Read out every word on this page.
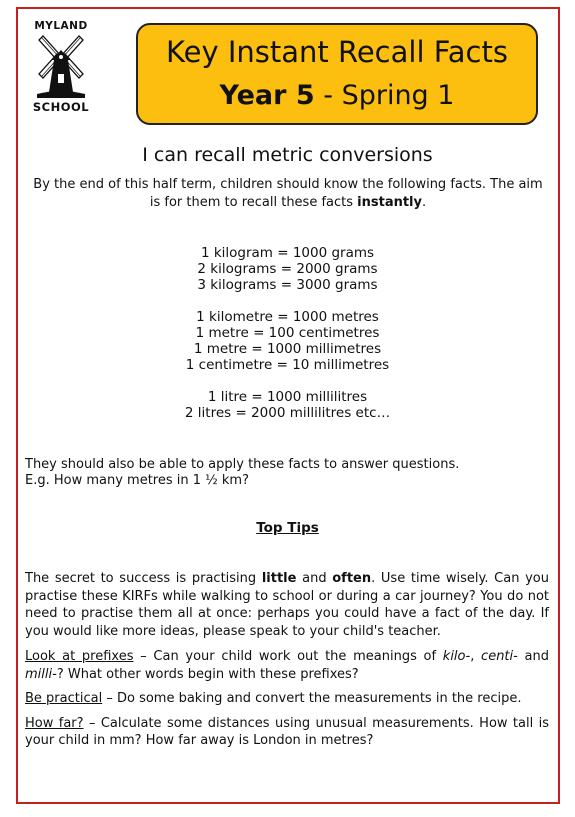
MYLAND
SCHOOL
Key Instant Recall Facts
Year 5 - Spring 1
I can recall metric conversions
By the end of this half term, children should know the following facts. The aim is for them to recall these facts instantly.
1 kilogram = 1000 grams
2 kilograms = 2000 grams
3 kilograms = 3000 grams
1 kilometre = 1000 metres
1 metre = 100 centimetres
1 metre = 1000 millimetres
1 centimetre = 10 millimetres
1 litre = 1000 millilitres
2 litres = 2000 millilitres etc…
They should also be able to apply these facts to answer questions.
E.g. How many metres in 1 ½ km?
Top Tips

The secret to success is practising little and often. Use time wisely. Can you practise these KIRFs while walking to school or during a car journey? You do not need to practise them all at once: perhaps you could have a fact of the day. If you would like more ideas, please speak to your child's teacher.

Look at prefixes – Can your child work out the meanings of kilo-, centi- and milli-? What other words begin with these prefixes?

Be practical – Do some baking and convert the measurements in the recipe.

How far? – Calculate some distances using unusual measurements. How tall is your child in mm? How far away is London in metres?
